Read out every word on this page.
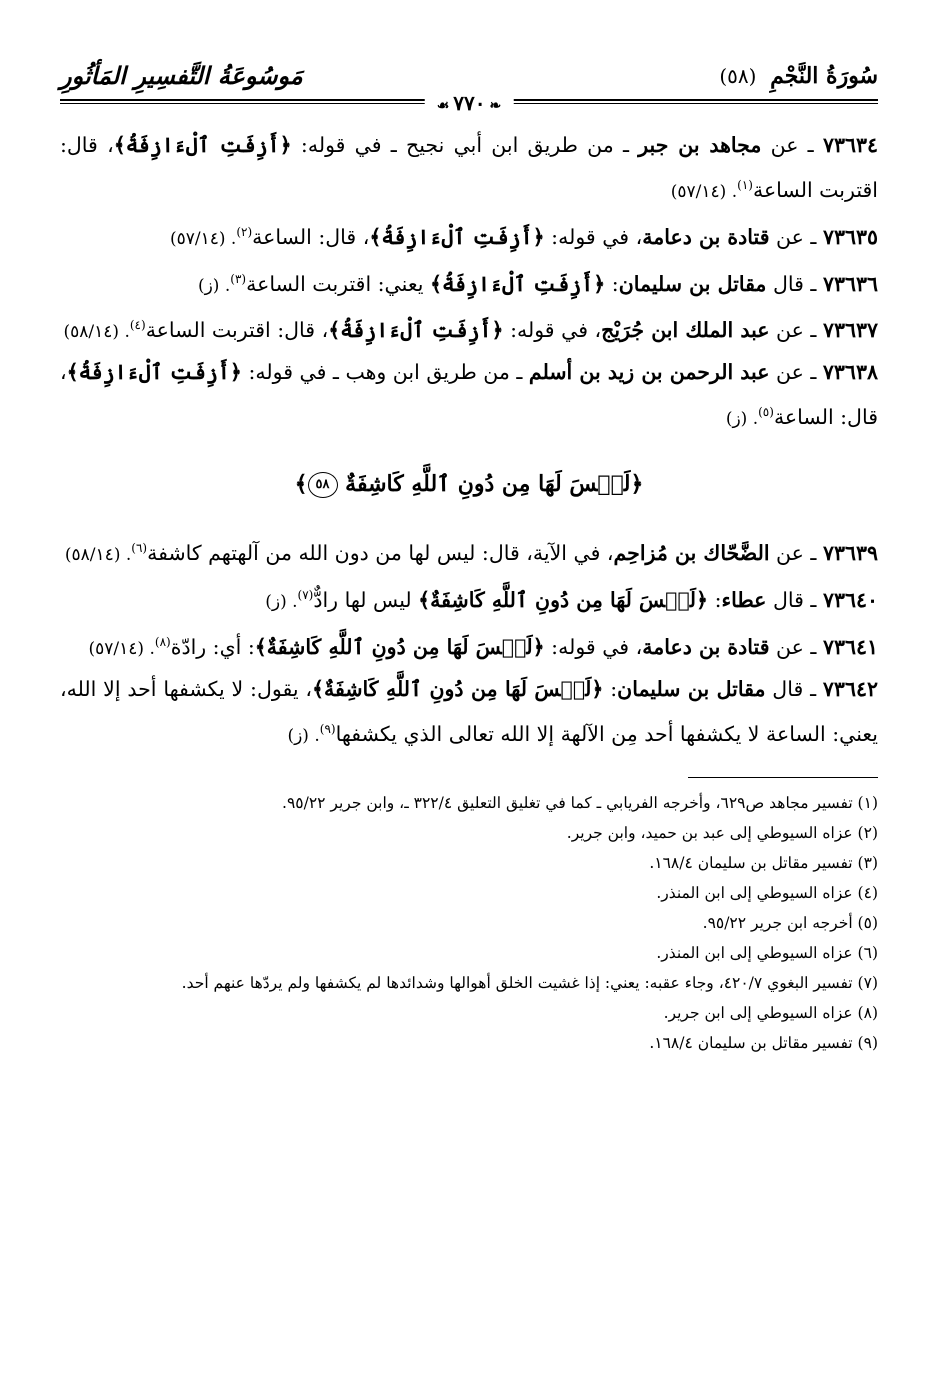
سُورَةُ النَّجْمِ (٥٨)
مَوسُوعَةُ التَّفسِيرِ المَأثُورِ
❧٧٧٠☙

٧٣٦٣٤ ـ عن مجاهد بن جبر ـ من طريق ابن أبي نجيح ـ في قوله: ﴿أَزِفَتِ ٱلْءَازِفَةُ﴾، قال: اقتربت الساعة$^{(١)}$. (٥٧/١٤)

٧٣٦٣٥ ـ عن قتادة بن دعامة، في قوله: ﴿أَزِفَتِ ٱلْءَازِفَةُ﴾، قال: الساعة$^{(٢)}$. (٥٧/١٤)

٧٣٦٣٦ ـ قال مقاتل بن سليمان: ﴿أَزِفَتِ ٱلْءَازِفَةُ﴾ يعني: اقتربت الساعة$^{(٣)}$. (ز)

٧٣٦٣٧ ـ عن عبد الملك ابن جُرَيْج، في قوله: ﴿أَزِفَتِ ٱلْءَازِفَةُ﴾، قال: اقتربت الساعة$^{(٤)}$. (٥٨/١٤)

٧٣٦٣٨ ـ عن عبد الرحمن بن زيد بن أسلم ـ من طريق ابن وهب ـ في قوله: ﴿أَزِفَتِ ٱلْءَازِفَةُ﴾، قال: الساعة$^{(٥)}$. (ز)

﴿لَيۡسَ لَهَا مِن دُونِ ٱللَّهِ كَاشِفَةٌ ٥٨﴾

٧٣٦٣٩ ـ عن الضَّحّاك بن مُزاحِم، في الآية، قال: ليس لها من دون الله من آلهتهم كاشفة$^{(٦)}$. (٥٨/١٤)

٧٣٦٤٠ ـ قال عطاء: ﴿لَيۡسَ لَهَا مِن دُونِ ٱللَّهِ كَاشِفَةٌ﴾ ليس لها رادٌّ$^{(٧)}$. (ز)

٧٣٦٤١ ـ عن قتادة بن دعامة، في قوله: ﴿لَيۡسَ لَهَا مِن دُونِ ٱللَّهِ كَاشِفَةٌ﴾: أي: رادّة$^{(٨)}$. (٥٧/١٤)

٧٣٦٤٢ ـ قال مقاتل بن سليمان: ﴿لَيۡسَ لَهَا مِن دُونِ ٱللَّهِ كَاشِفَةٌ﴾، يقول: لا يكشفها أحد إلا الله، يعني: الساعة لا يكشفها أحد مِن الآلهة إلا الله تعالى الذي يكشفها$^{(٩)}$. (ز)

(١) تفسير مجاهد ص٦٢٩، وأخرجه الفريابي ـ كما في تغليق التعليق ٣٢٢/٤ ـ، وابن جرير ٩٥/٢٢.

(٢) عزاه السيوطي إلى عبد بن حميد، وابن جرير.

(٣) تفسير مقاتل بن سليمان ١٦٨/٤.

(٤) عزاه السيوطي إلى ابن المنذر.

(٥) أخرجه ابن جرير ٩٥/٢٢.

(٦) عزاه السيوطي إلى ابن المنذر.

(٧) تفسير البغوي ٤٢٠/٧، وجاء عقبه: يعني: إذا غشيت الخلق أهوالها وشدائدها لم يكشفها ولم يردّها عنهم أحد.

(٨) عزاه السيوطي إلى ابن جرير.

(٩) تفسير مقاتل بن سليمان ١٦٨/٤.
